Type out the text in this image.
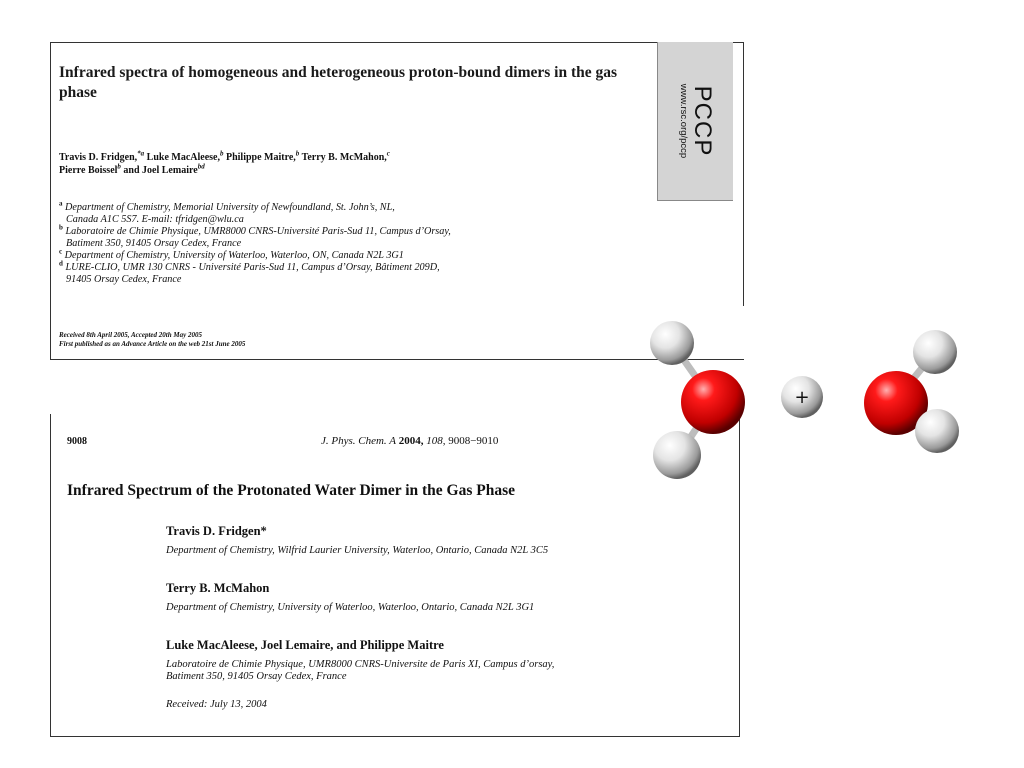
Infrared spectra of homogeneous and heterogeneous proton-bound dimers in the gas phase
Travis D. Fridgen,$^{*a}$ Luke MacAleese,$^b$ Philippe Maitre,$^b$ Terry B. McMahon,$^c$
Pierre Boissel$^b$ and Joel Lemaire$^{bd}$
$^a$ Department of Chemistry, Memorial University of Newfoundland, St. John’s, NL,
Canada A1C 5S7. E-mail: tfridgen@wlu.ca
$^b$ Laboratoire de Chimie Physique, UMR8000 CNRS-Université Paris-Sud 11, Campus d’Orsay,
Batiment 350, 91405 Orsay Cedex, France
$^c$ Department of Chemistry, University of Waterloo, Waterloo, ON, Canada N2L 3G1
$^d$ LURE-CLIO, UMR 130 CNRS - Université Paris-Sud 11, Campus d’Orsay, Bâtiment 209D,
91405 Orsay Cedex, France
Received 8th April 2005, Accepted 20th May 2005
First published as an Advance Article on the web 21st June 2005
PCCP
www.rsc.org/pccp
9008	J. Phys. Chem. A 2004, 108, 9008−9010
Infrared Spectrum of the Protonated Water Dimer in the Gas Phase
Travis D. Fridgen*
Department of Chemistry, Wilfrid Laurier University, Waterloo, Ontario, Canada N2L 3C5
Terry B. McMahon
Department of Chemistry, University of Waterloo, Waterloo, Ontario, Canada N2L 3G1
Luke MacAleese, Joel Lemaire, and Philippe Maitre
Laboratoire de Chimie Physique, UMR8000 CNRS-Universite de Paris XI, Campus d’orsay,
Batiment 350, 91405 Orsay Cedex, France
Received: July 13, 2004
+
